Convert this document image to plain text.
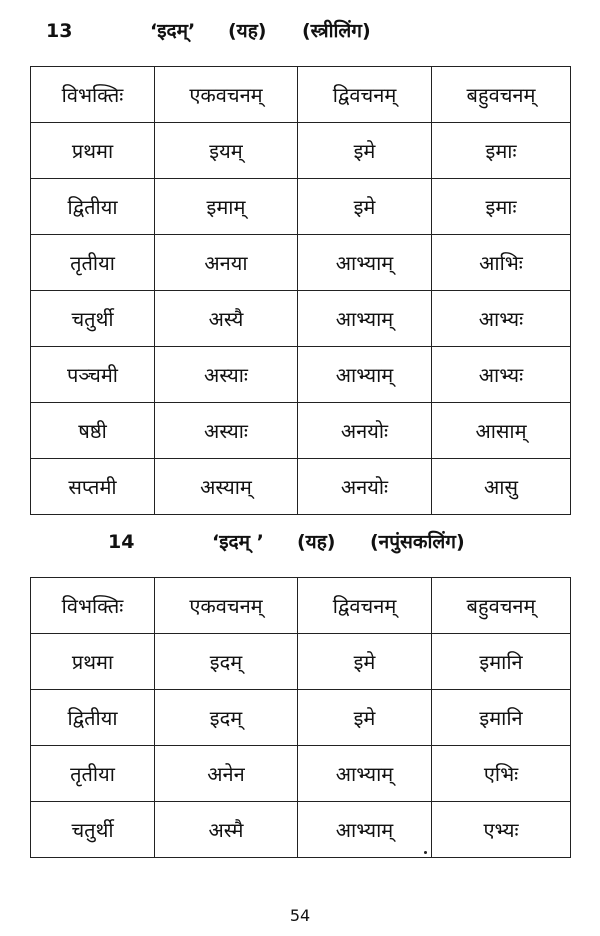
13	‘इदम्’ (यह) (स्त्रीलिंग)
विभक्तिः	एकवचनम्	द्विवचनम्	बहुवचनम्
प्रथमा	इयम्	इमे	इमाः
द्वितीया	इमाम्	इमे	इमाः
तृतीया	अनया	आभ्याम्	आभिः
चतुर्थी	अस्यै	आभ्याम्	आभ्यः
पञ्चमी	अस्याः	आभ्याम्	आभ्यः
षष्ठी	अस्याः	अनयोः	आसाम्
सप्तमी	अस्याम्	अनयोः	आसु
14	‘इदम् ’ (यह) (नपुंसकलिंग)
विभक्तिः	एकवचनम्	द्विवचनम्	बहुवचनम्
प्रथमा	इदम्	इमे	इमानि
द्वितीया	इदम्	इमे	इमानि
तृतीया	अनेन	आभ्याम्	एभिः
चतुर्थी	अस्मै	आभ्याम्	एभ्यः
54
